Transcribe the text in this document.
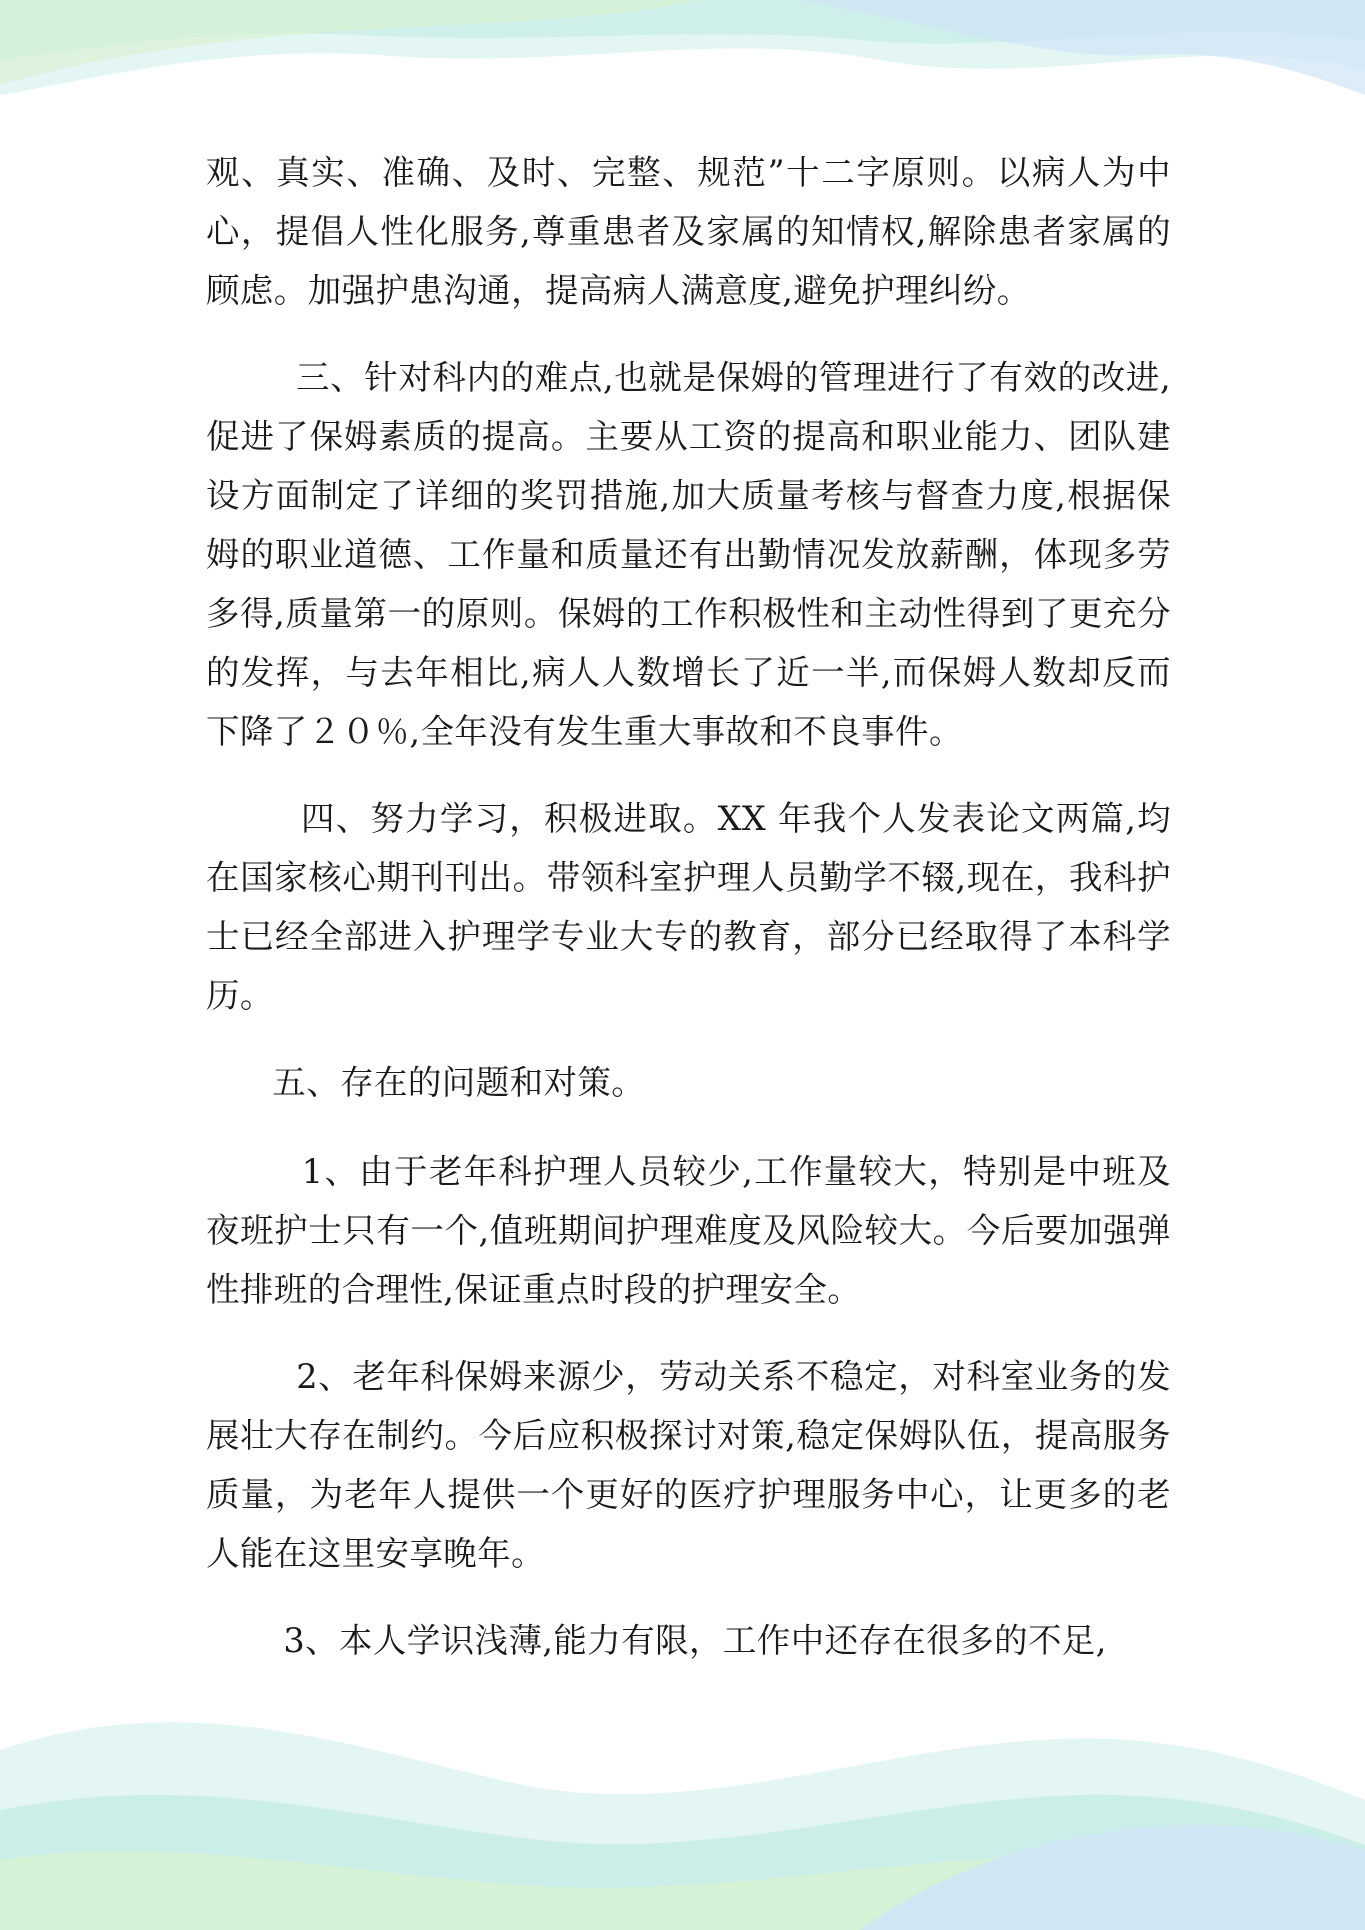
观、真实、准确、及时、完整、规范”十二字原则。以病人为中心，提倡人性化服务,尊重患者及家属的知情权,解除患者家属的顾虑。加强护患沟通，提高病人满意度,避免护理纠纷。

三、针对科内的难点,也就是保姆的管理进行了有效的改进,促进了保姆素质的提高。主要从工资的提高和职业能力、团队建设方面制定了详细的奖罚措施,加大质量考核与督查力度,根据保姆的职业道德、工作量和质量还有出勤情况发放薪酬，体现多劳多得,质量第一的原则。保姆的工作积极性和主动性得到了更充分的发挥，与去年相比,病人人数增长了近一半,而保姆人数却反而下降了２０％,全年没有发生重大事故和不良事件。

四、努力学习，积极进取。XX 年我个人发表论文两篇,均在国家核心期刊刊出。带领科室护理人员勤学不辍,现在，我科护士已经全部进入护理学专业大专的教育，部分已经取得了本科学历。

五、存在的问题和对策。

1、由于老年科护理人员较少,工作量较大，特别是中班及夜班护士只有一个,值班期间护理难度及风险较大。今后要加强弹性排班的合理性,保证重点时段的护理安全。

2、老年科保姆来源少，劳动关系不稳定，对科室业务的发展壮大存在制约。今后应积极探讨对策,稳定保姆队伍，提高服务质量，为老年人提供一个更好的医疗护理服务中心，让更多的老人能在这里安享晚年。

3、本人学识浅薄,能力有限，工作中还存在很多的不足,
